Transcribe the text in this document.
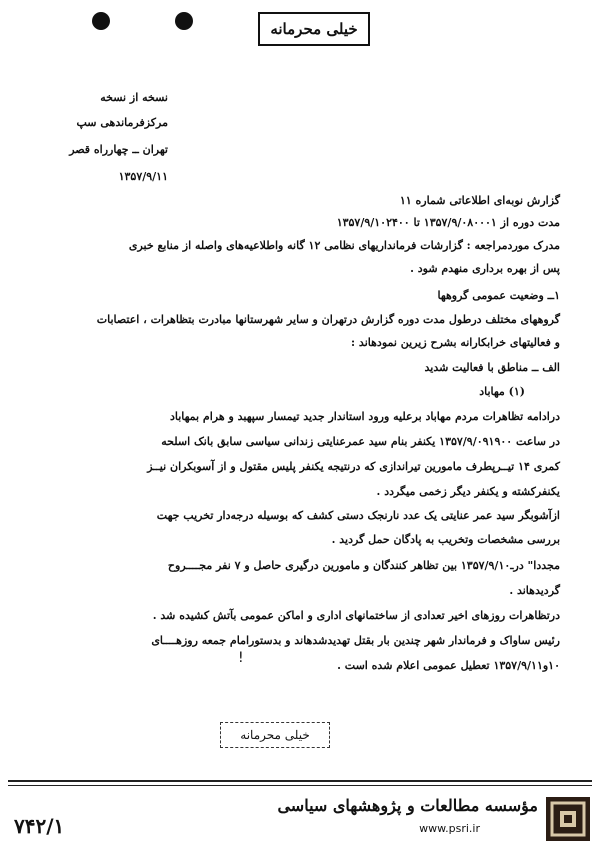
خیلی محرمانه
نسخه از نسخه
مرکزفرماندهی سپ
تهران ــ چهارراه قصر
۱۳۵۷/۹/۱۱
گزارش نوبه‌ای اطلاعاتی شماره ۱۱
مدت دوره از ۱۳۵۷/۹/۰۸۰۰۰۱ تا ۱۳۵۷/۹/۱۰۲۴۰۰
مدرک مورد‌مراجعه : گزارشات فرمانداریهای نظامی ۱۲ گانه واطلاعیه‌های واصله از منابع خبری
پس از بهره برداری منهدم شود .
۱ــ وضعیت عمومی گروهها
گروههای مختلف درطول مدت دوره گزارش درتهران و سایر شهرستانها مبادرت بتظاهرات ، اعتصابات
و فعالیتهای خرابکارانه بشرح زیرین نمودهاند :
الف ــ مناطق با فعالیت شدید
(۱) مهاباد
درادامه تظاهرات مردم مهاباد برعلیه ورود استاندار جدید تیمسار سپهبد و هرام بمهاباد
در ساعت ۱۳۵۷/۹/۰۹۱۹۰۰ یکنفر بنام سید عمرعنایتی زندانی سیاسی سابق بانک اسلحه
کمری ۱۴ تیــرپطرف مامورین تیراندازی که درنتیجه یکنفر پلیس مقتول و از آسوبکران نیــز
یکنفرکشته و یکنفر دیگر زخمی میگردد .
ازآشوبگر سید عمر عنایتی یک عدد نارنجک دستی کشف که بوسیله درجه‌دار تخریب جهت
بررسی مشخصات وتخریب به پادگان حمل گردید .
مجددا" درـ۱۳۵۷/۹/۱۰ بین تظاهر کنندگان و مامورین درگیری حاصل و ۷ نفر مجــــروح
گردیدهاند .
درتظاهرات روزهای اخیر تعدادی از ساختمانهای اداری و اماکن عمومی بآتش کشیده شد .
رئیس ساواک و فرماندار شهر چندین بار بقتل تهدیدشدهاند و بدستورامام جمعه روزهــــای
۱۰و۱۳۵۷/۹/۱۱ تعطیل عمومی اعلام شده است .
!
خیلی محرمانه
مؤسسه مطالعات و پژوهشهای سیاسی
www.psri.ir
۷۴۲/۱
